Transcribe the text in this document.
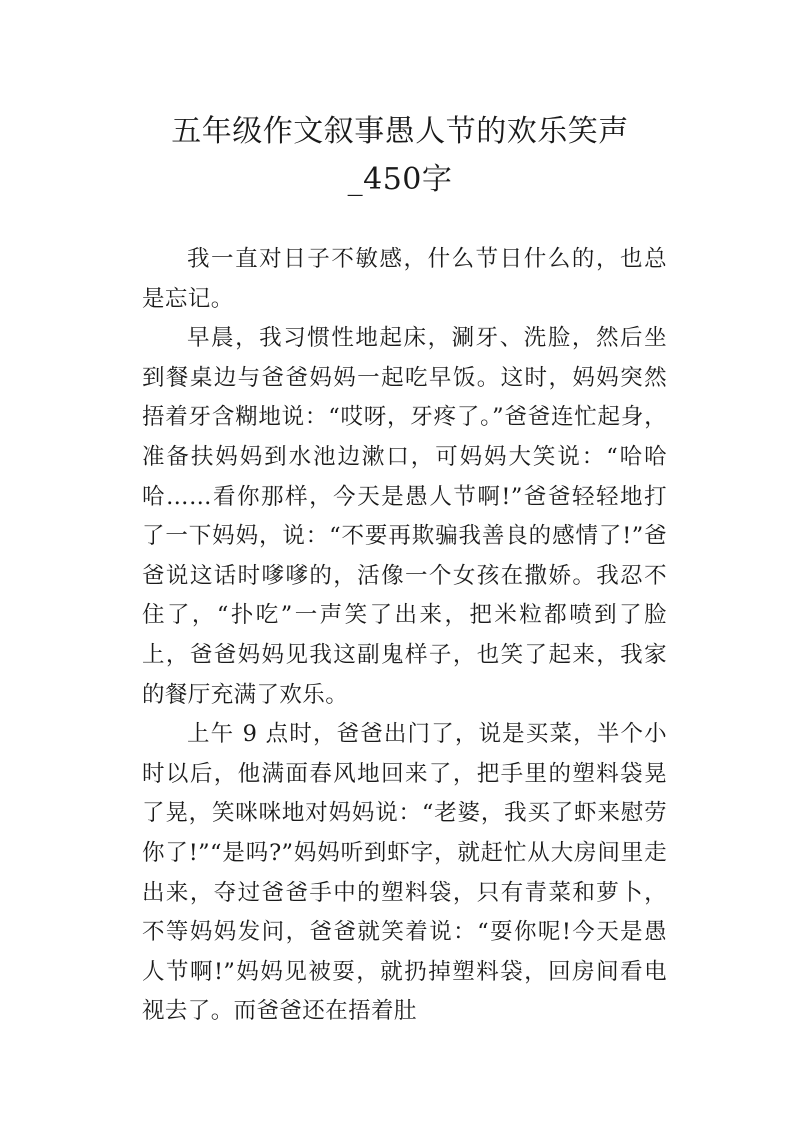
五年级作文叙事愚人节的欢乐笑声_450字

我一直对日子不敏感，什么节日什么的，也总是忘记。

早晨，我习惯性地起床，涮牙、洗脸，然后坐到餐桌边与爸爸妈妈一起吃早饭。这时，妈妈突然捂着牙含糊地说：“哎呀，牙疼了。”爸爸连忙起身，准备扶妈妈到水池边漱口，可妈妈大笑说：“哈哈哈……看你那样，今天是愚人节啊!”爸爸轻轻地打了一下妈妈，说：“不要再欺骗我善良的感情了!”爸爸说这话时嗲嗲的，活像一个女孩在撒娇。我忍不住了，“扑吃”一声笑了出来，把米粒都喷到了脸上，爸爸妈妈见我这副鬼样子，也笑了起来，我家的餐厅充满了欢乐。

上午 9 点时，爸爸出门了，说是买菜，半个小时以后，他满面春风地回来了，把手里的塑料袋晃了晃，笑咪咪地对妈妈说：“老婆，我买了虾来慰劳你了!”“是吗?”妈妈听到虾字，就赶忙从大房间里走出来，夺过爸爸手中的塑料袋，只有青菜和萝卜，不等妈妈发问，爸爸就笑着说：“耍你呢!今天是愚人节啊!”妈妈见被耍，就扔掉塑料袋，回房间看电视去了。而爸爸还在捂着肚
